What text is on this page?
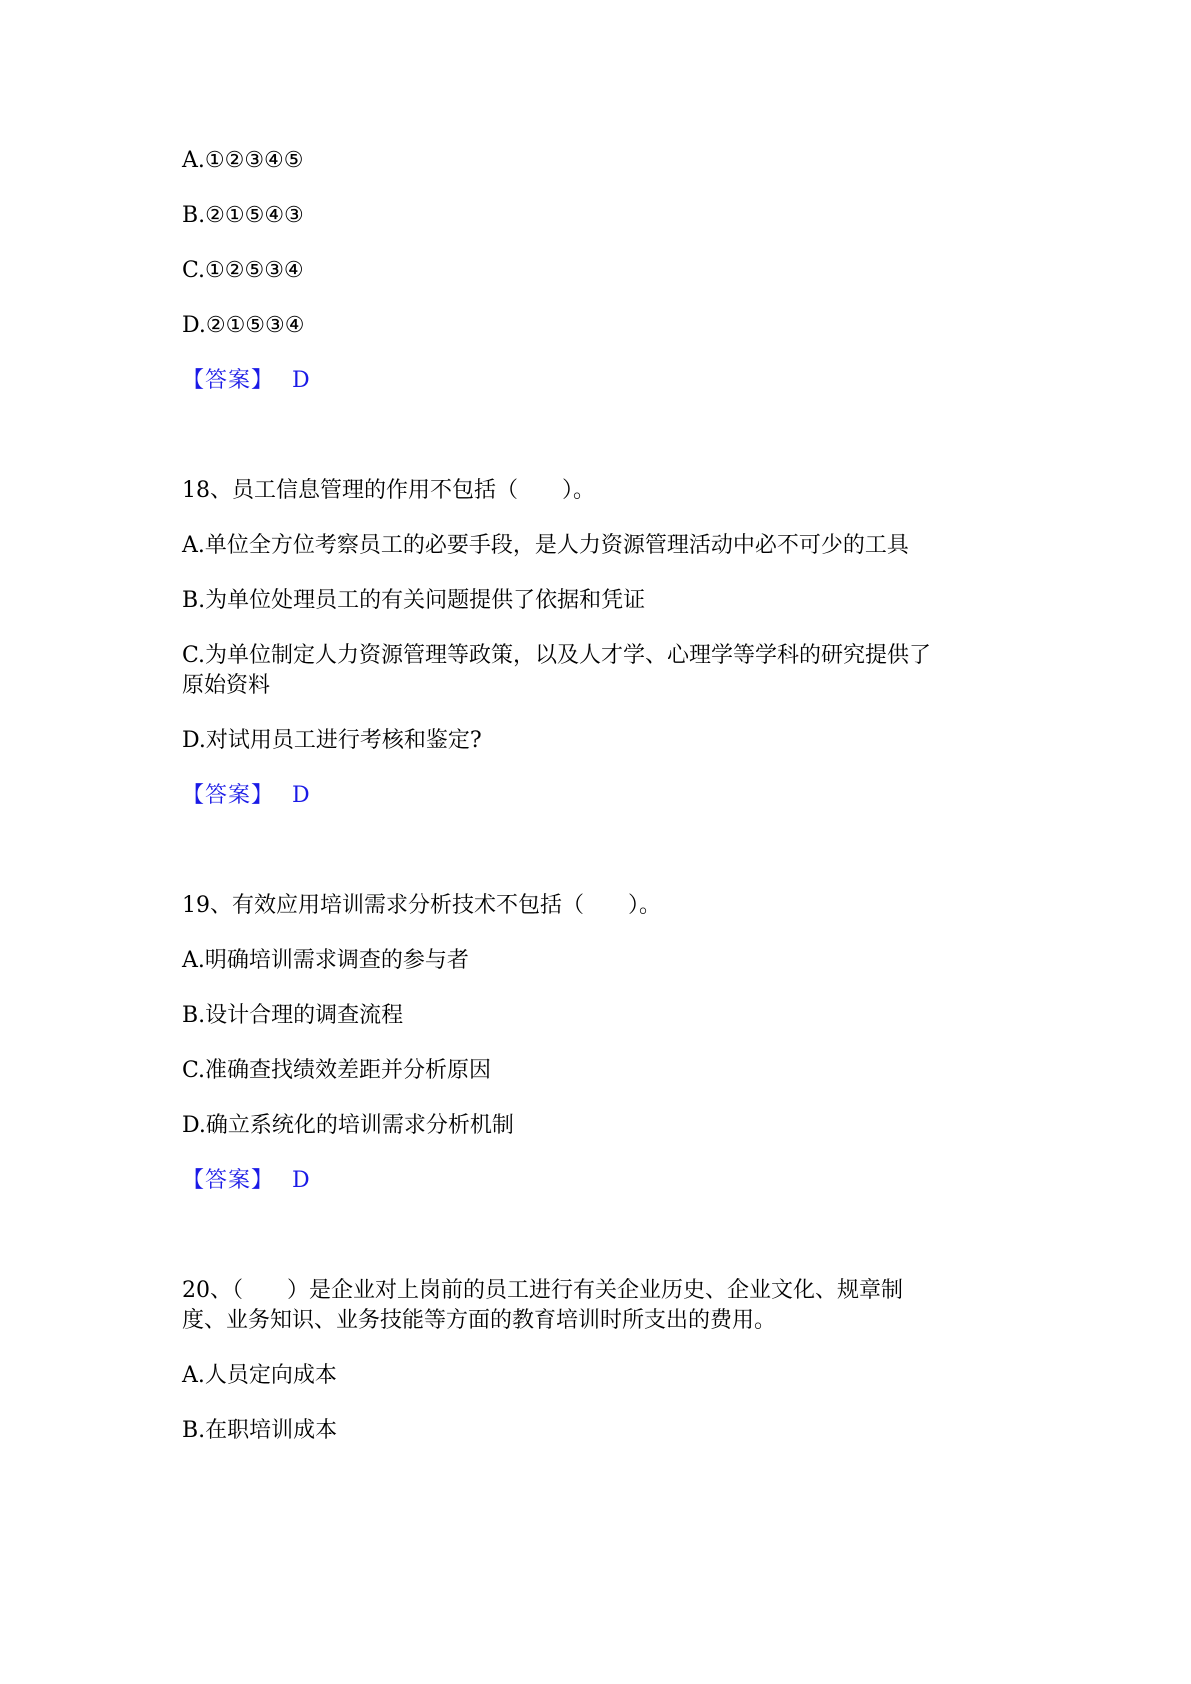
A.①②③④⑤
B.②①⑤④③
C.①②⑤③④
D.②①⑤③④
【答案】 D
18、员工信息管理的作用不包括（　　）。
A.单位全方位考察员工的必要手段，是人力资源管理活动中必不可少的工具
B.为单位处理员工的有关问题提供了依据和凭证
C.为单位制定人力资源管理等政策，以及人才学、心理学等学科的研究提供了
原始资料
D.对试用员工进行考核和鉴定?
【答案】 D
19、有效应用培训需求分析技术不包括（　　）。
A.明确培训需求调查的参与者
B.设计合理的调查流程
C.准确查找绩效差距并分析原因
D.确立系统化的培训需求分析机制
【答案】 D
20、（　　）是企业对上岗前的员工进行有关企业历史、企业文化、规章制
度、业务知识、业务技能等方面的教育培训时所支出的费用。
A.人员定向成本
B.在职培训成本
